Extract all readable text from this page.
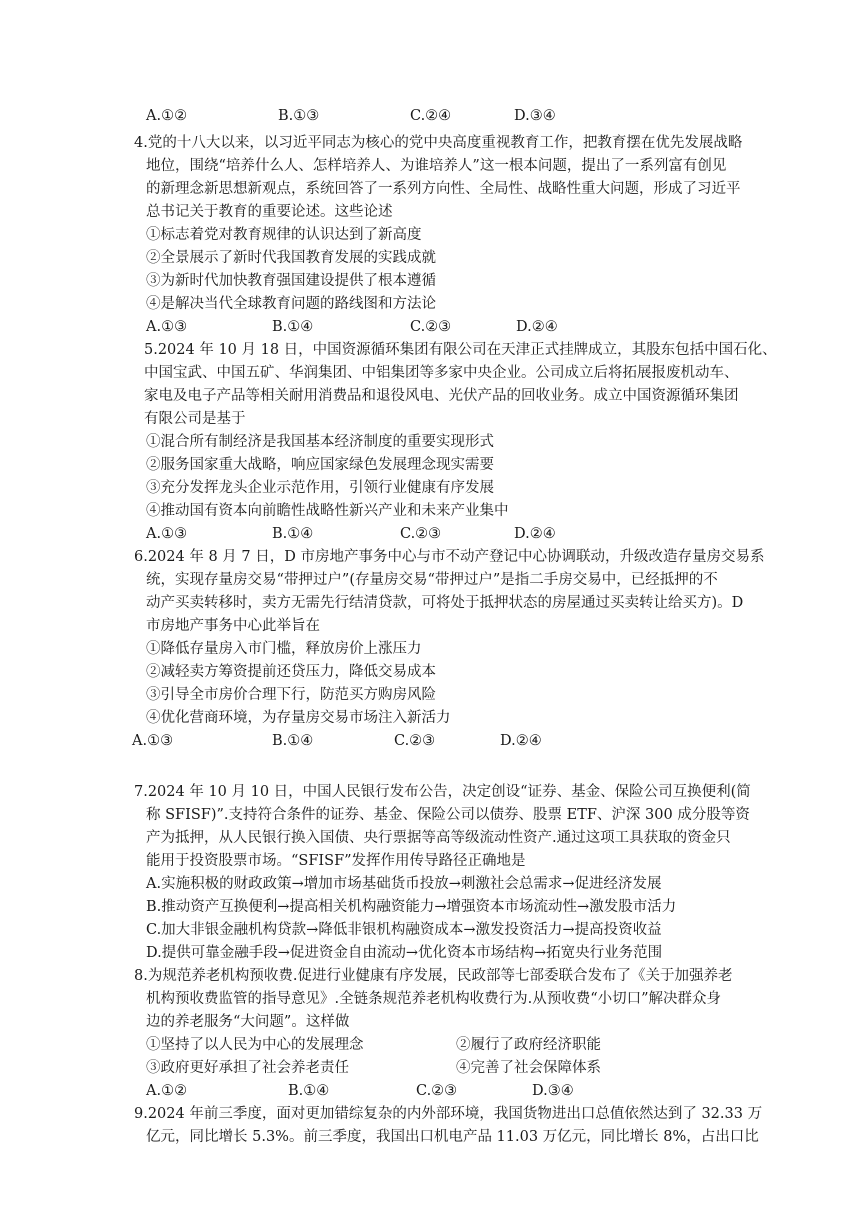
A.①②	B.①③	C.②④	D.③④
4.党的十八大以来，以习近平同志为核心的党中央高度重视教育工作，把教育摆在优先发展战略
地位，围绕“培养什么人、怎样培养人、为谁培养人”这一根本问题，提出了一系列富有创见
的新理念新思想新观点，系统回答了一系列方向性、全局性、战略性重大问题，形成了习近平
总书记关于教育的重要论述。这些论述
①标志着党对教育规律的认识达到了新高度
②全景展示了新时代我国教育发展的实践成就
③为新时代加快教育强国建设提供了根本遵循
④是解决当代全球教育问题的路线图和方法论
A.①③	B.①④	C.②③	D.②④
5.2024 年 10 月 18 日，中国资源循环集团有限公司在天津正式挂牌成立，其股东包括中国石化、
中国宝武、中国五矿、华润集团、中铝集团等多家中央企业。公司成立后将拓展报废机动车、
家电及电子产品等相关耐用消费品和退役风电、光伏产品的回收业务。成立中国资源循环集团
有限公司是基于
①混合所有制经济是我国基本经济制度的重要实现形式
②服务国家重大战略，响应国家绿色发展理念现实需要
③充分发挥龙头企业示范作用，引领行业健康有序发展
④推动国有资本向前瞻性战略性新兴产业和未来产业集中
A.①③	B.①④	C.②③	D.②④
6.2024 年 8 月 7 日，D 市房地产事务中心与市不动产登记中心协调联动，升级改造存量房交易系
统，实现存量房交易“带押过户”(存量房交易“带押过户”是指二手房交易中，已经抵押的不
动产买卖转移时，卖方无需先行结清贷款，可将处于抵押状态的房屋通过买卖转让给买方)。D
市房地产事务中心此举旨在
①降低存量房入市门槛，释放房价上涨压力
②减轻卖方筹资提前还贷压力，降低交易成本
③引导全市房价合理下行，防范买方购房风险
④优化营商环境，为存量房交易市场注入新活力
A.①③	B.①④	C.②③	D.②④
7.2024 年 10 月 10 日，中国人民银行发布公告，决定创设“证券、基金、保险公司互换便利(简
称 SFISF)”.支持符合条件的证券、基金、保险公司以债券、股票 ETF、沪深 300 成分股等资
产为抵押，从人民银行换入国债、央行票据等高等级流动性资产.通过这项工具获取的资金只
能用于投资股票市场。“SFISF”发挥作用传导路径正确地是
A.实施积极的财政政策→增加市场基础货币投放→刺激社会总需求→促进经济发展
B.推动资产互换便利→提高相关机构融资能力→增强资本市场流动性→激发股市活力
C.加大非银金融机构贷款→降低非银机构融资成本→激发投资活力→提高投资收益
D.提供可靠金融手段→促进资金自由流动→优化资本市场结构→拓宽央行业务范围
8.为规范养老机构预收费.促进行业健康有序发展，民政部等七部委联合发布了《关于加强养老
机构预收费监管的指导意见》.全链条规范养老机构收费行为.从预收费“小切口”解决群众身
边的养老服务“大问题”。这样做
①坚持了以人民为中心的发展理念	②履行了政府经济职能
③政府更好承担了社会养老责任	④完善了社会保障体系
A.①②	B.①④	C.②③	D.③④
9.2024 年前三季度，面对更加错综复杂的内外部环境，我国货物进出口总值依然达到了 32.33 万
亿元，同比增长 5.3%。前三季度，我国出口机电产品 11.03 万亿元，同比增长 8%，占出口比
